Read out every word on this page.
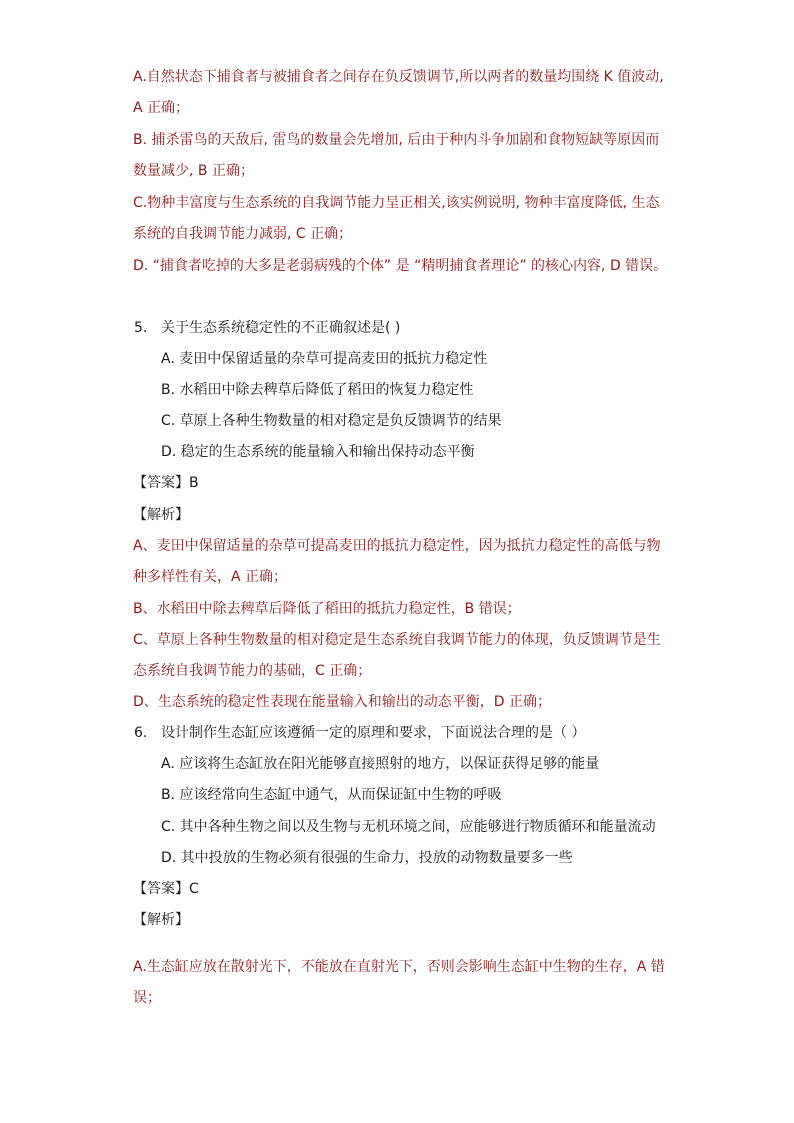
A.自然状态下捕食者与被捕食者之间存在负反馈调节,所以两者的数量均围绕 K 值波动,
A 正确；
B. 捕杀雷鸟的天敌后, 雷鸟的数量会先增加, 后由于种内斗争加剧和食物短缺等原因而
数量减少, B 正确；
C.物种丰富度与生态系统的自我调节能力呈正相关,该实例说明, 物种丰富度降低, 生态
系统的自我调节能力减弱, C 正确；
D. “捕食者吃掉的大多是老弱病残的个体” 是 “精明捕食者理论” 的核心内容, D 错误。
5. 关于生态系统稳定性的不正确叙述是( )
A. 麦田中保留适量的杂草可提高麦田的抵抗力稳定性
B. 水稻田中除去稗草后降低了稻田的恢复力稳定性
C. 草原上各种生物数量的相对稳定是负反馈调节的结果
D. 稳定的生态系统的能量输入和输出保持动态平衡
【答案】B
【解析】
A、麦田中保留适量的杂草可提高麦田的抵抗力稳定性，因为抵抗力稳定性的高低与物
种多样性有关，A 正确；
B、水稻田中除去稗草后降低了稻田的抵抗力稳定性，B 错误；
C、草原上各种生物数量的相对稳定是生态系统自我调节能力的体现，负反馈调节是生
态系统自我调节能力的基础，C 正确；
D、生态系统的稳定性表现在能量输入和输出的动态平衡，D 正确；
6. 设计制作生态缸应该遵循一定的原理和要求，下面说法合理的是（ ）
A. 应该将生态缸放在阳光能够直接照射的地方，以保证获得足够的能量
B. 应该经常向生态缸中通气，从而保证缸中生物的呼吸
C. 其中各种生物之间以及生物与无机环境之间，应能够进行物质循环和能量流动
D. 其中投放的生物必须有很强的生命力，投放的动物数量要多一些
【答案】C
【解析】
A.生态缸应放在散射光下，不能放在直射光下，否则会影响生态缸中生物的生存，A 错
误；
